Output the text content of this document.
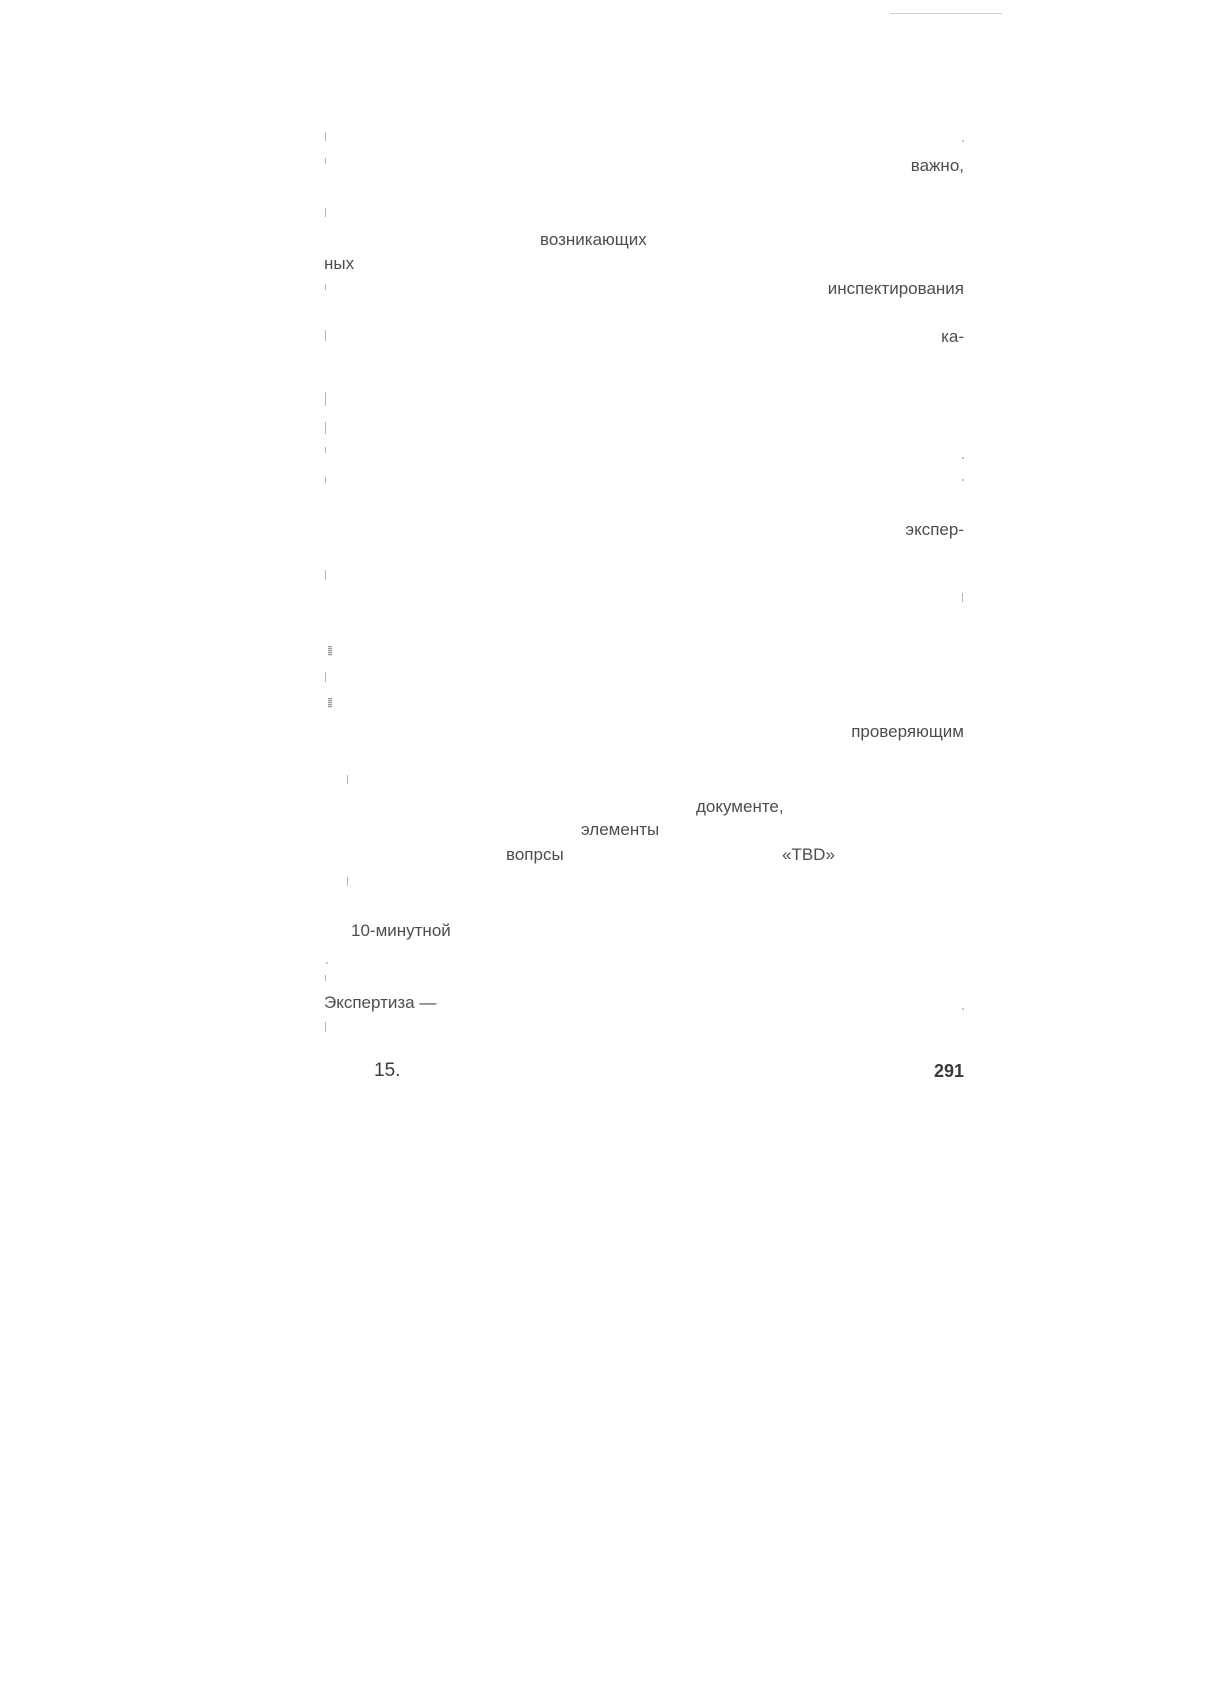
важно,
возникающих
ных
инспектирования
ка-
экспер-
проверяющим
документе,
элементы
вопрсы	«TBD»
10-минутной
Экспертиза —
15.	291
